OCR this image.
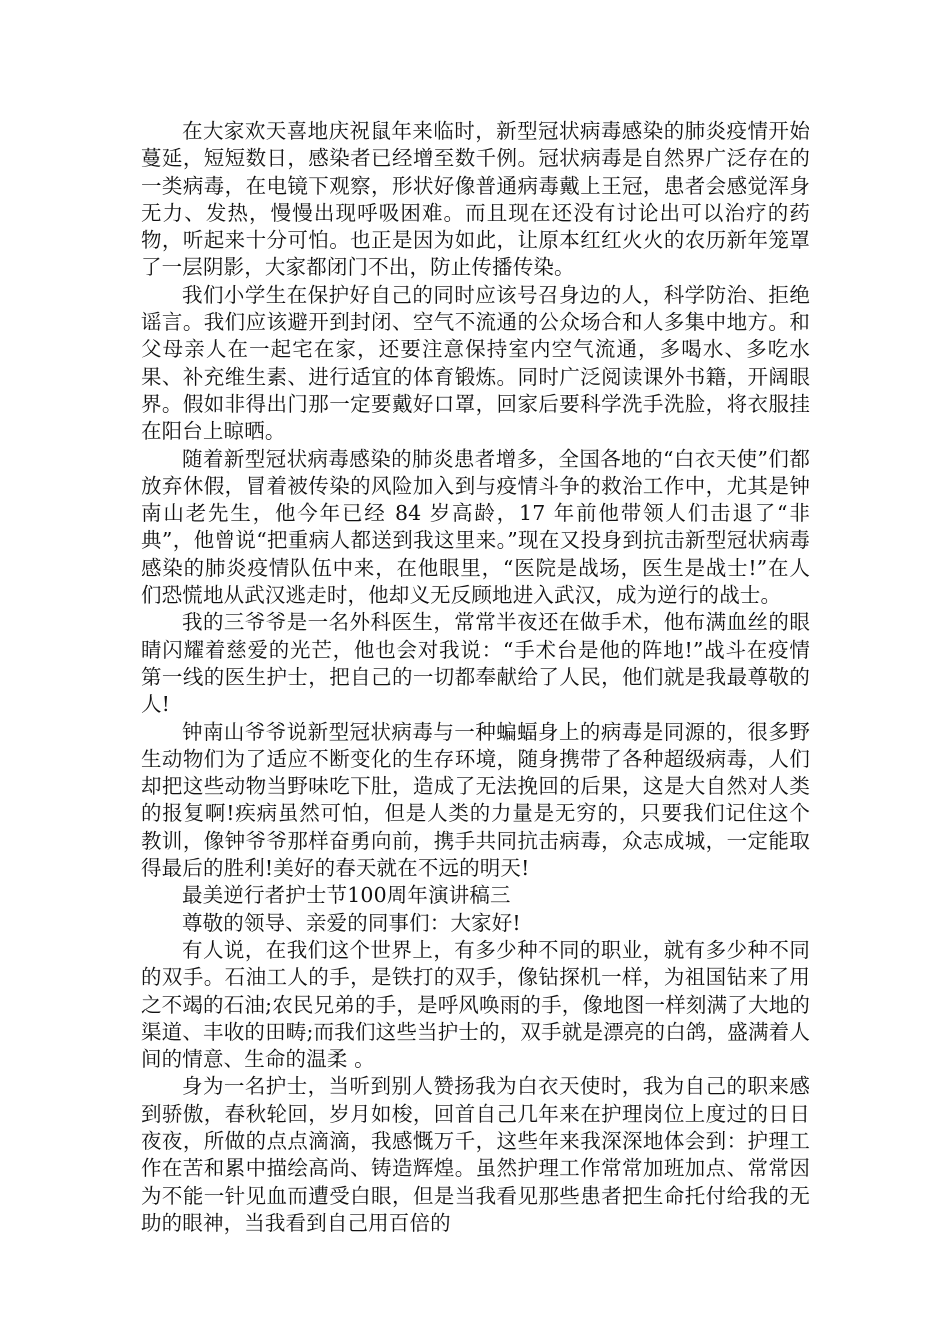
在大家欢天喜地庆祝鼠年来临时，新型冠状病毒感染的肺炎疫情开始蔓延，短短数日，感染者已经增至数千例。冠状病毒是自然界广泛存在的一类病毒，在电镜下观察，形状好像普通病毒戴上王冠，患者会感觉浑身无力、发热，慢慢出现呼吸困难。而且现在还没有讨论出可以治疗的药物，听起来十分可怕。也正是因为如此，让原本红红火火的农历新年笼罩了一层阴影，大家都闭门不出，防止传播传染。

我们小学生在保护好自己的同时应该号召身边的人，科学防治、拒绝谣言。我们应该避开到封闭、空气不流通的公众场合和人多集中地方。和父母亲人在一起宅在家，还要注意保持室内空气流通，多喝水、多吃水果、补充维生素、进行适宜的体育锻炼。同时广泛阅读课外书籍，开阔眼界。假如非得出门那一定要戴好口罩，回家后要科学洗手洗脸，将衣服挂在阳台上晾晒。

随着新型冠状病毒感染的肺炎患者增多，全国各地的“白衣天使”们都放弃休假，冒着被传染的风险加入到与疫情斗争的救治工作中，尤其是钟南山老先生，他今年已经 84 岁高龄，17 年前他带领人们击退了“非典”，他曾说“把重病人都送到我这里来。”现在又投身到抗击新型冠状病毒感染的肺炎疫情队伍中来，在他眼里，“医院是战场，医生是战士!”在人们恐慌地从武汉逃走时，他却义无反顾地进入武汉，成为逆行的战士。

我的三爷爷是一名外科医生，常常半夜还在做手术，他布满血丝的眼睛闪耀着慈爱的光芒，他也会对我说：“手术台是他的阵地!”战斗在疫情第一线的医生护士，把自己的一切都奉献给了人民，他们就是我最尊敬的人!

钟南山爷爷说新型冠状病毒与一种蝙蝠身上的病毒是同源的，很多野生动物们为了适应不断变化的生存环境，随身携带了各种超级病毒，人们却把这些动物当野味吃下肚，造成了无法挽回的后果，这是大自然对人类的报复啊!疾病虽然可怕，但是人类的力量是无穷的，只要我们记住这个教训，像钟爷爷那样奋勇向前，携手共同抗击病毒，众志成城，一定能取得最后的胜利!美好的春天就在不远的明天!

最美逆行者护士节100周年演讲稿三

尊敬的领导、亲爱的同事们：大家好!

有人说，在我们这个世界上，有多少种不同的职业，就有多少种不同的双手。石油工人的手，是铁打的双手，像钻探机一样，为祖国钻来了用之不竭的石油;农民兄弟的手，是呼风唤雨的手，像地图一样刻满了大地的渠道、丰收的田畴;而我们这些当护士的，双手就是漂亮的白鸽，盛满着人间的情意、生命的温柔 。

身为一名护士，当听到别人赞扬我为白衣天使时，我为自己的职来感到骄傲，春秋轮回，岁月如梭，回首自己几年来在护理岗位上度过的日日夜夜，所做的点点滴滴，我感慨万千，这些年来我深深地体会到：护理工作在苦和累中描绘高尚、铸造辉煌。虽然护理工作常常加班加点、常常因为不能一针见血而遭受白眼，但是当我看见那些患者把生命托付给我的无助的眼神，当我看到自己用百倍的
